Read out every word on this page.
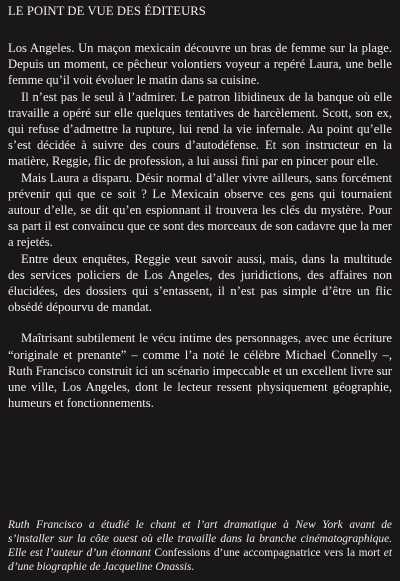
LE POINT DE VUE DES ÉDITEURS

Los Angeles. Un maçon mexicain découvre un bras de femme sur la plage. Depuis un moment, ce pêcheur volontiers voyeur a repéré Laura, une belle femme qu’il voit évoluer le matin dans sa cuisine.

Il n’est pas le seul à l’admirer. Le patron libidineux de la banque où elle travaille a opéré sur elle quelques tentatives de harcèlement. Scott, son ex, qui refuse d’admettre la rupture, lui rend la vie infernale. Au point qu’elle s’est décidée à suivre des cours d’autodéfense. Et son instructeur en la matière, Reggie, flic de profession, a lui aussi fini par en pincer pour elle.

Mais Laura a disparu. Désir normal d’aller vivre ailleurs, sans forcément prévenir qui que ce soit ? Le Mexicain observe ces gens qui tournaient autour d’elle, se dit qu’en espionnant il trouvera les clés du mystère. Pour sa part il est convaincu que ce sont des morceaux de son cadavre que la mer a rejetés.

Entre deux enquêtes, Reggie veut savoir aussi, mais, dans la multitude des services policiers de Los Angeles, des juridictions, des affaires non élucidées, des dossiers qui s’entassent, il n’est pas simple d’être un flic obsédé dépourvu de mandat.

Maîtrisant subtilement le vécu intime des personnages, avec une écriture “originale et prenante” – comme l’a noté le célèbre Michael Connelly –, Ruth Francisco construit ici un scénario impeccable et un excellent livre sur une ville, Los Angeles, dont le lecteur ressent physiquement géographie, humeurs et fonctionnements.

Ruth Francisco a étudié le chant et l’art dramatique à New York avant de s’installer sur la côte ouest où elle travaille dans la branche cinématographique. Elle est l’auteur d’un étonnant Confessions d’une accompagnatrice vers la mort et d’une biographie de Jacqueline Onassis.
